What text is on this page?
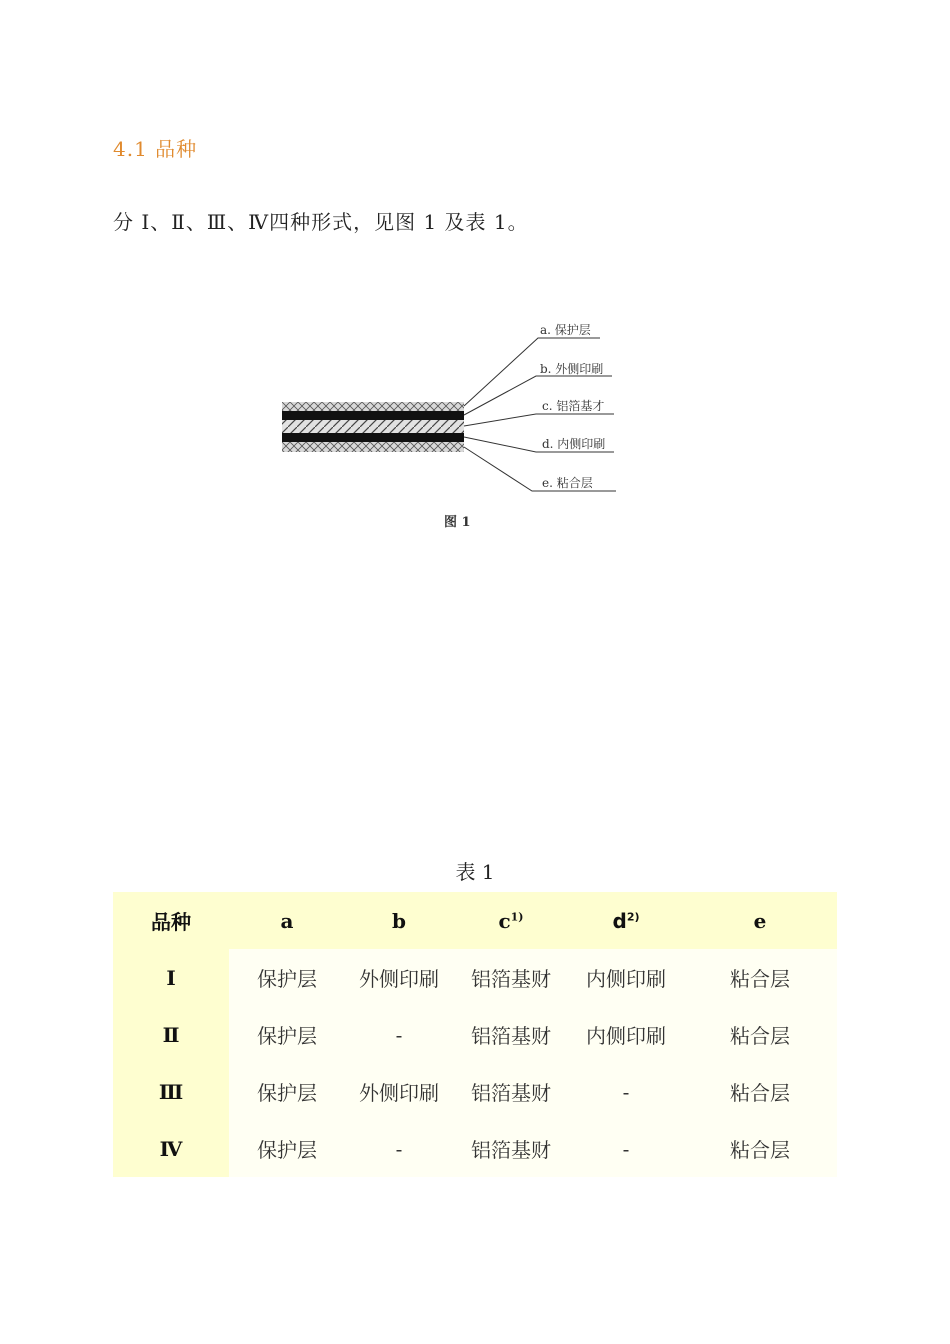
4.1 品种
分 Ⅰ、Ⅱ、Ⅲ、Ⅳ四种形式，见图 1 及表 1。
a. 保护层
b. 外侧印刷
c. 铝箔基才
d. 内侧印刷
e. 粘合层
图 1
表 1
品种	a	b	$c^{1)}$	$d^{2)}$	e
Ⅰ	保护层	外侧印刷	铝箔基财	内侧印刷	粘合层
Ⅱ	保护层	-	铝箔基财	内侧印刷	粘合层
Ⅲ	保护层	外侧印刷	铝箔基财	-	粘合层
Ⅳ	保护层	-	铝箔基财	-	粘合层
